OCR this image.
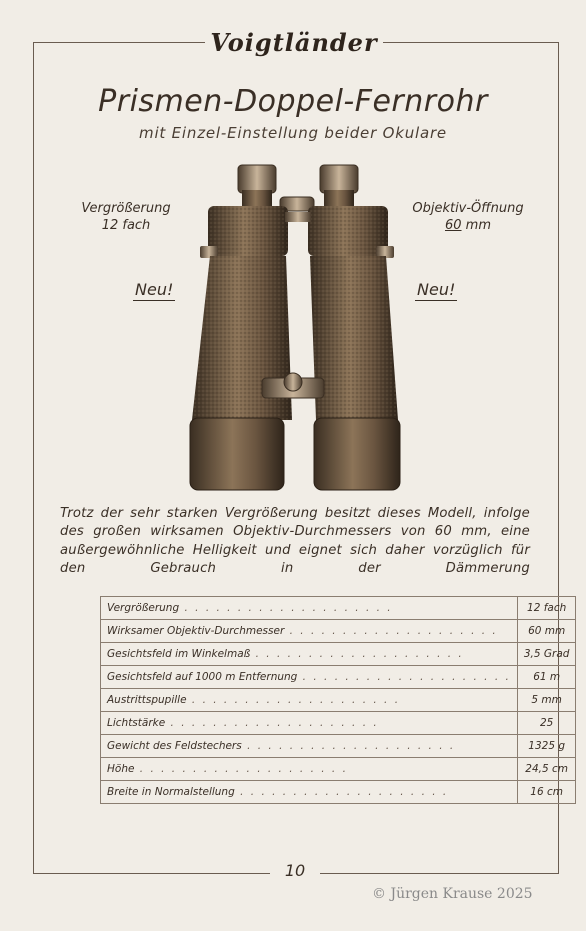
Voigtländer
Prismen-Doppel-Fernrohr
mit Einzel-Einstellung beider Okulare
Vergrößerung
12 fach
Objektiv-Öffnung
60 mm
Neu!	Neu!
Trotz der sehr starken Vergrößerung besitzt dieses Modell, infolge des großen wirksamen Objektiv-Durchmessers von 60 mm, eine außergewöhnliche Helligkeit und eignet sich daher vorzüglich für den Gebrauch in der Dämmerung
Vergrößerung . . . . . . . . . . . . . . . . . . . .	12 fach
Wirksamer Objektiv-Durchmesser . . . . . . . . . . . . . . . . . . . .	60 mm
Gesichtsfeld im Winkelmaß . . . . . . . . . . . . . . . . . . . .	3,5 Grad
Gesichtsfeld auf 1000 m Entfernung . . . . . . . . . . . . . . . . . . . .	61 m
Austrittspupille . . . . . . . . . . . . . . . . . . . .	5 mm
Lichtstärke . . . . . . . . . . . . . . . . . . . .	25
Gewicht des Feldstechers . . . . . . . . . . . . . . . . . . . .	1325 g
Höhe . . . . . . . . . . . . . . . . . . . .	24,5 cm
Breite in Normalstellung . . . . . . . . . . . . . . . . . . . .	16 cm
10
© Jürgen Krause 2025
